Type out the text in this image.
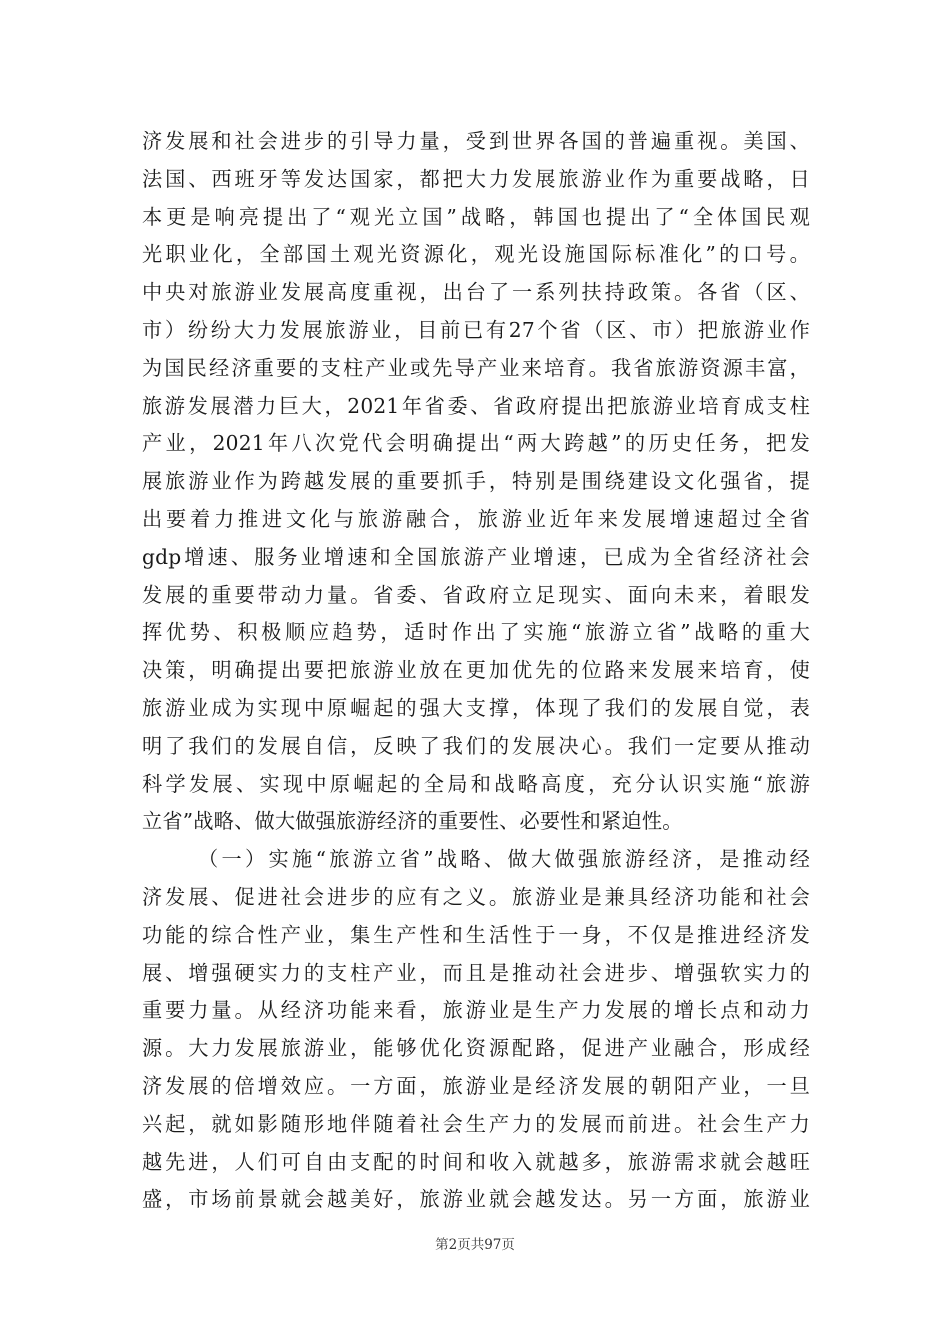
济发展和社会进步的引导力量，受到世界各国的普遍重视。美国、
法国、西班牙等发达国家，都把大力发展旅游业作为重要战略，日
本更是响亮提出了“观光立国”战略，韩国也提出了“全体国民观
光职业化，全部国土观光资源化，观光设施国际标准化”的口号。
中央对旅游业发展高度重视，出台了一系列扶持政策。各省（区、
市）纷纷大力发展旅游业，目前已有27个省（区、市）把旅游业作
为国民经济重要的支柱产业或先导产业来培育。我省旅游资源丰富，
旅游发展潜力巨大，2021年省委、省政府提出把旅游业培育成支柱
产业，2021年八次党代会明确提出“两大跨越”的历史任务，把发
展旅游业作为跨越发展的重要抓手，特别是围绕建设文化强省，提
出要着力推进文化与旅游融合，旅游业近年来发展增速超过全省
gdp增速、服务业增速和全国旅游产业增速，已成为全省经济社会
发展的重要带动力量。省委、省政府立足现实、面向未来，着眼发
挥优势、积极顺应趋势，适时作出了实施“旅游立省”战略的重大
决策，明确提出要把旅游业放在更加优先的位路来发展来培育，使
旅游业成为实现中原崛起的强大支撑，体现了我们的发展自觉，表
明了我们的发展自信，反映了我们的发展决心。我们一定要从推动
科学发展、实现中原崛起的全局和战略高度，充分认识实施“旅游
立省”战略、做大做强旅游经济的重要性、必要性和紧迫性。
（一）实施“旅游立省”战略、做大做强旅游经济，是推动经
济发展、促进社会进步的应有之义。旅游业是兼具经济功能和社会
功能的综合性产业，集生产性和生活性于一身，不仅是推进经济发
展、增强硬实力的支柱产业，而且是推动社会进步、增强软实力的
重要力量。从经济功能来看，旅游业是生产力发展的增长点和动力
源。大力发展旅游业，能够优化资源配路，促进产业融合，形成经
济发展的倍增效应。一方面，旅游业是经济发展的朝阳产业，一旦
兴起，就如影随形地伴随着社会生产力的发展而前进。社会生产力
越先进，人们可自由支配的时间和收入就越多，旅游需求就会越旺
盛，市场前景就会越美好，旅游业就会越发达。另一方面，旅游业
第2页共97页
